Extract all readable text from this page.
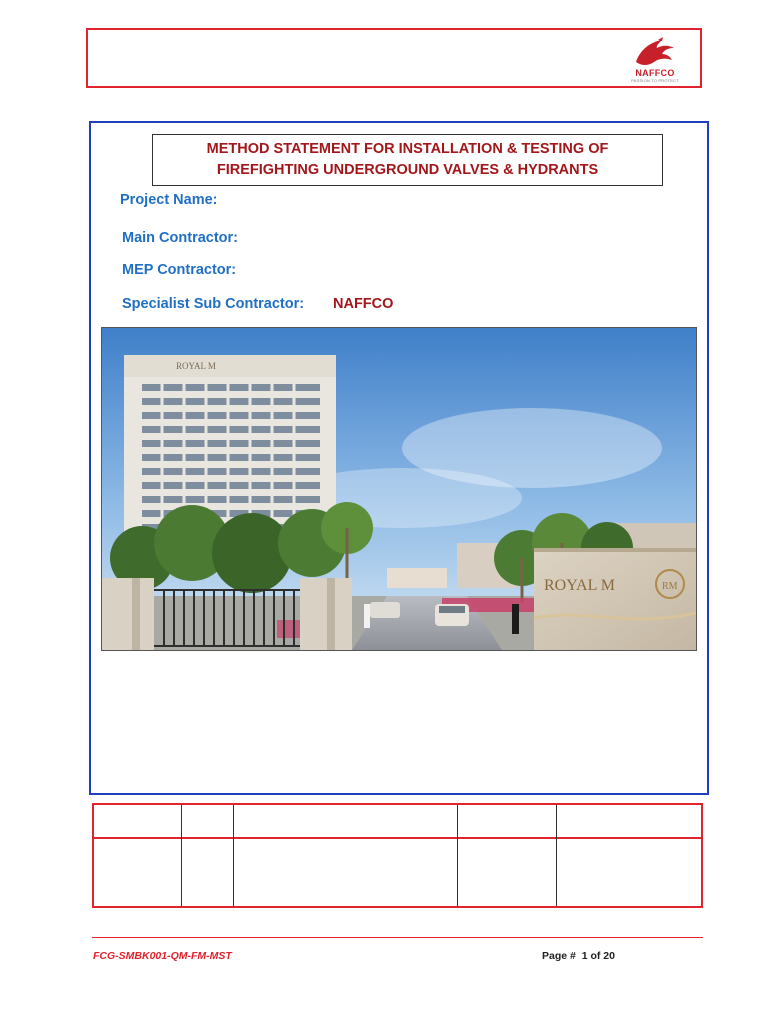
NAFFCO
PASSION TO PROTECT
METHOD STATEMENT FOR INSTALLATION & TESTING OF
FIREFIGHTING UNDERGROUND VALVES & HYDRANTS
Project Name:
Main Contractor:
MEP Contractor:
Specialist Sub Contractor: NAFFCO
ROYAL M
ROYAL M	RM
FCG-SMBK001-QM-FM-MST	Page # 1 of 20
